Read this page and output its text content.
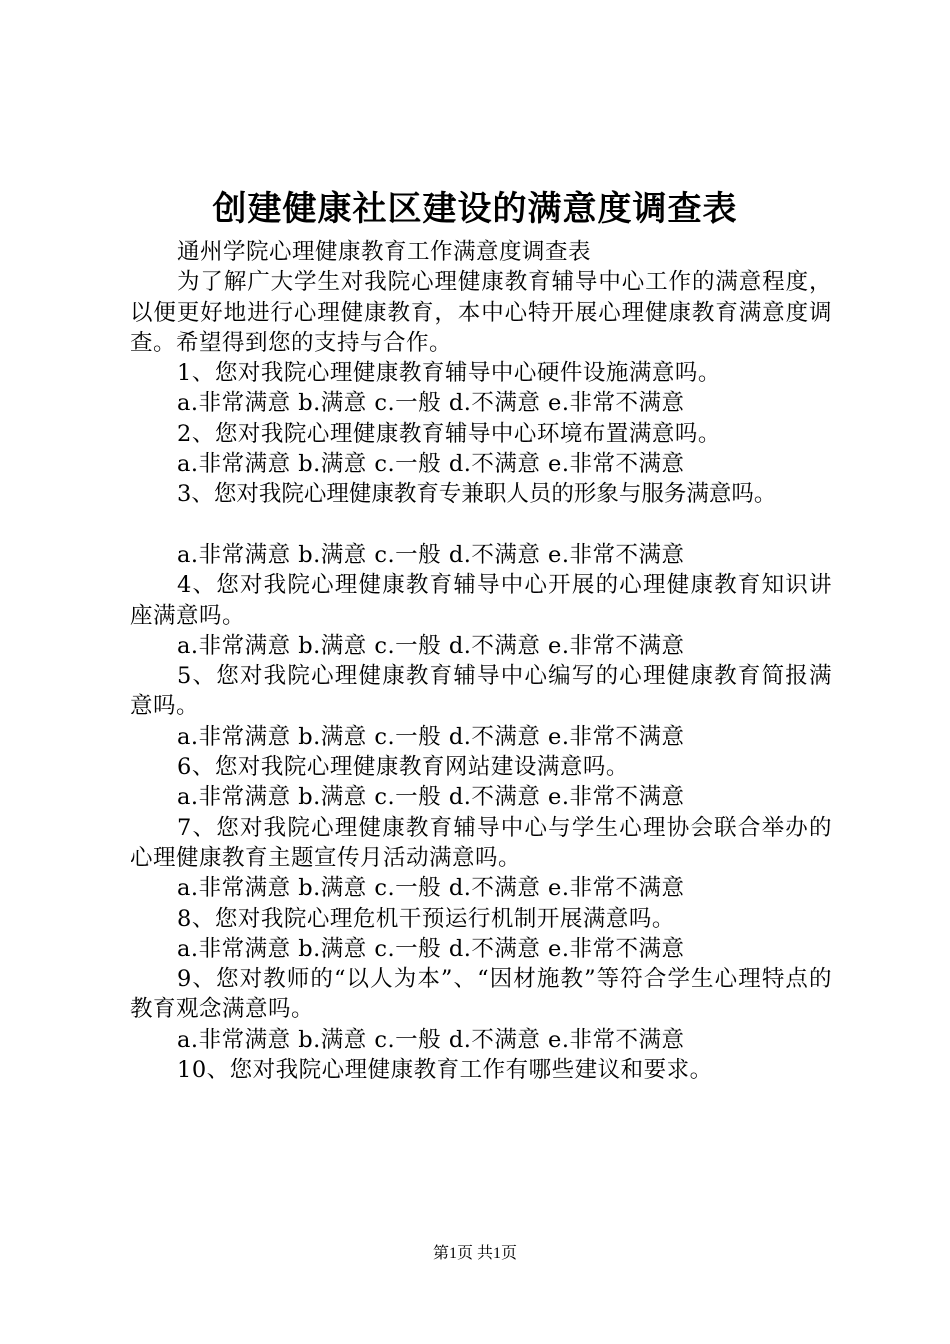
创建健康社区建设的满意度调查表

通州学院心理健康教育工作满意度调查表

为了解广大学生对我院心理健康教育辅导中心工作的满意程度，以便更好地进行心理健康教育，本中心特开展心理健康教育满意度调查。希望得到您的支持与合作。

1、您对我院心理健康教育辅导中心硬件设施满意吗。

a.非常满意 b.满意 c.一般 d.不满意 e.非常不满意

2、您对我院心理健康教育辅导中心环境布置满意吗。

a.非常满意 b.满意 c.一般 d.不满意 e.非常不满意

3、您对我院心理健康教育专兼职人员的形象与服务满意吗。

a.非常满意 b.满意 c.一般 d.不满意 e.非常不满意

4、您对我院心理健康教育辅导中心开展的心理健康教育知识讲座满意吗。

a.非常满意 b.满意 c.一般 d.不满意 e.非常不满意

5、您对我院心理健康教育辅导中心编写的心理健康教育简报满意吗。

a.非常满意 b.满意 c.一般 d.不满意 e.非常不满意

6、您对我院心理健康教育网站建设满意吗。

a.非常满意 b.满意 c.一般 d.不满意 e.非常不满意

7、您对我院心理健康教育辅导中心与学生心理协会联合举办的心理健康教育主题宣传月活动满意吗。

a.非常满意 b.满意 c.一般 d.不满意 e.非常不满意

8、您对我院心理危机干预运行机制开展满意吗。

a.非常满意 b.满意 c.一般 d.不满意 e.非常不满意

9、您对教师的“以人为本”、“因材施教”等符合学生心理特点的教育观念满意吗。

a.非常满意 b.满意 c.一般 d.不满意 e.非常不满意

10、您对我院心理健康教育工作有哪些建议和要求。

第1页 共1页
